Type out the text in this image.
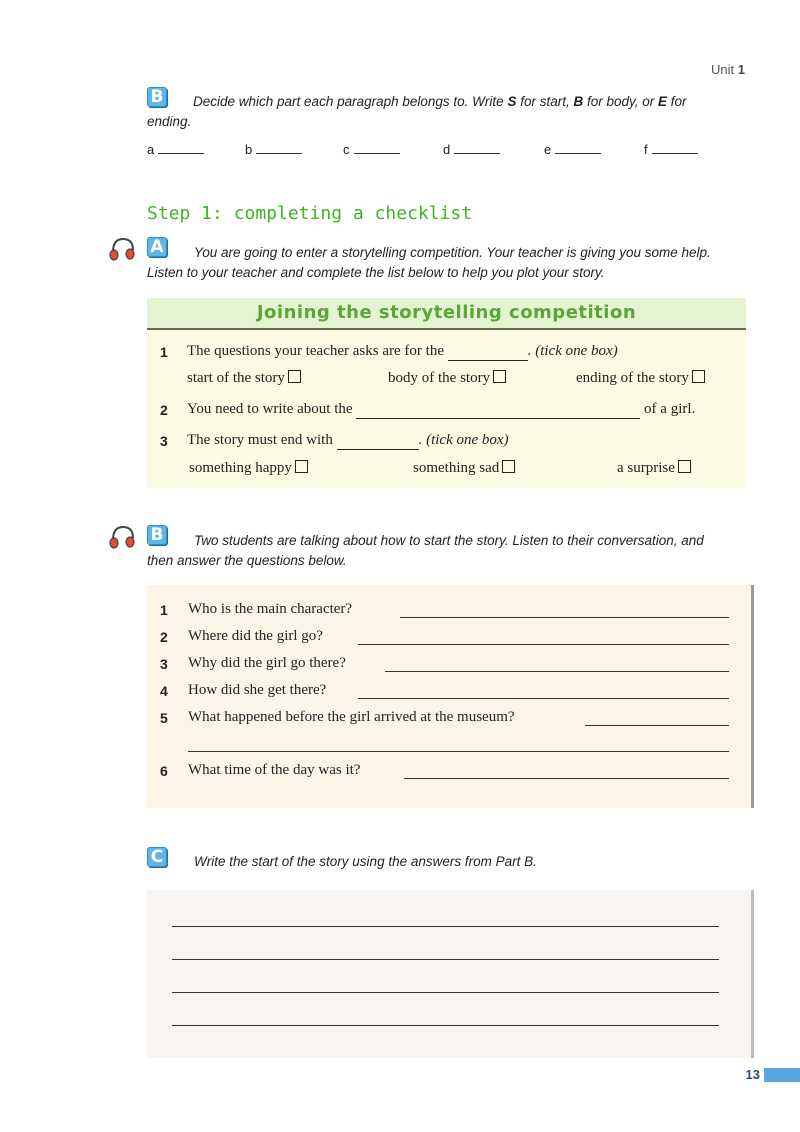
Unit 1
B	Decide which part each paragraph belongs to. Write S for start, B for body, or E for
ending.
a	b	c	d	e	f
Step 1: completing a checklist
A	You are going to enter a storytelling competition. Your teacher is giving you some help.
Listen to your teacher and complete the list below to help you plot your story.
Joining the storytelling competition
1 The questions your teacher asks are for the	. (tick one box)
start of the story	body of the story	ending of the story
2 You need to write about the	of a girl.
3 The story must end with	. (tick one box)
something happy	something sad	a surprise
B	Two students are talking about how to start the story. Listen to their conversation, and
then answer the questions below.
1 Who is the main character?
2 Where did the girl go?
3 Why did the girl go there?
4 How did she get there?
5 What happened before the girl arrived at the museum?
6 What time of the day was it?
C Write the start of the story using the answers from Part B.
13
